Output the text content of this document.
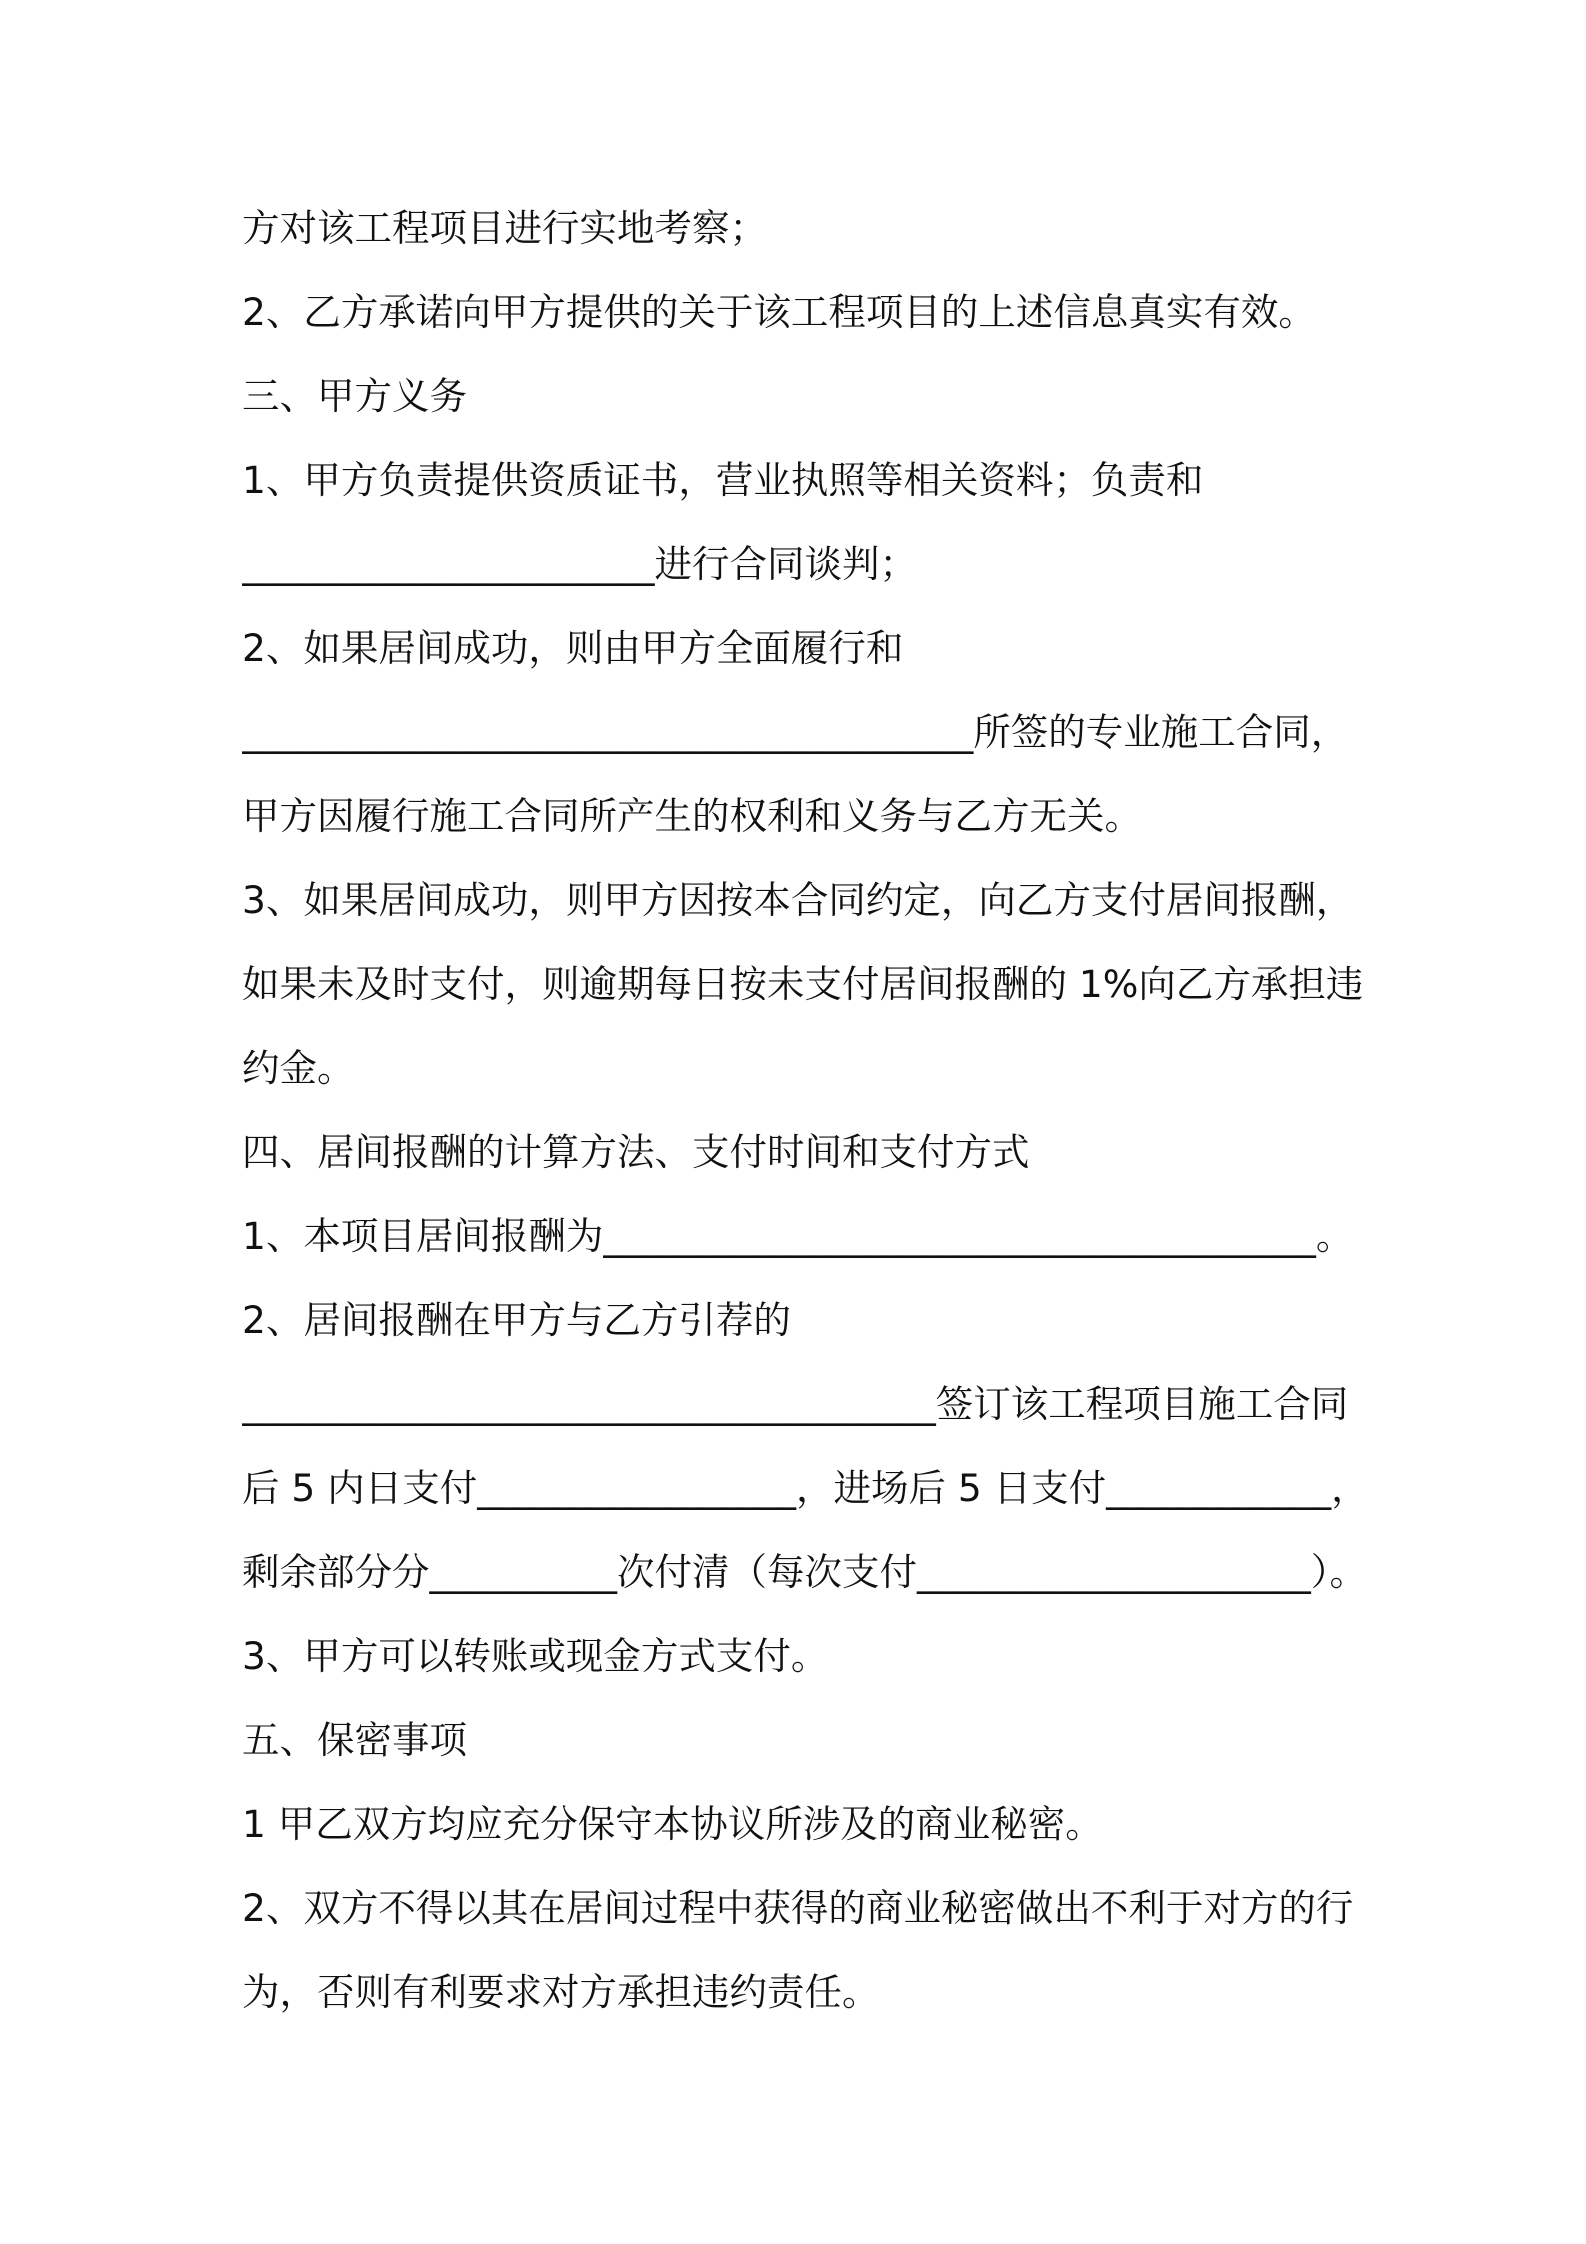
方对该工程项目进行实地考察；
2、乙方承诺向甲方提供的关于该工程项目的上述信息真实有效。
三、甲方义务
1、甲方负责提供资质证书，营业执照等相关资料；负责和
______________________进行合同谈判；
2、如果居间成功，则由甲方全面履行和
_______________________________________所签的专业施工合同，
甲方因履行施工合同所产生的权利和义务与乙方无关。
3、如果居间成功，则甲方因按本合同约定，向乙方支付居间报酬，
如果未及时支付，则逾期每日按未支付居间报酬的 1%向乙方承担违
约金。
四、居间报酬的计算方法、支付时间和支付方式
1、本项目居间报酬为______________________________________。
2、居间报酬在甲方与乙方引荐的
_____________________________________签订该工程项目施工合同
后 5 内日支付_________________，进场后 5 日支付____________，
剩余部分分__________次付清（每次支付_____________________）。
3、甲方可以转账或现金方式支付。
五、保密事项
1 甲乙双方均应充分保守本协议所涉及的商业秘密。
2、双方不得以其在居间过程中获得的商业秘密做出不利于对方的行
为，否则有利要求对方承担违约责任。
